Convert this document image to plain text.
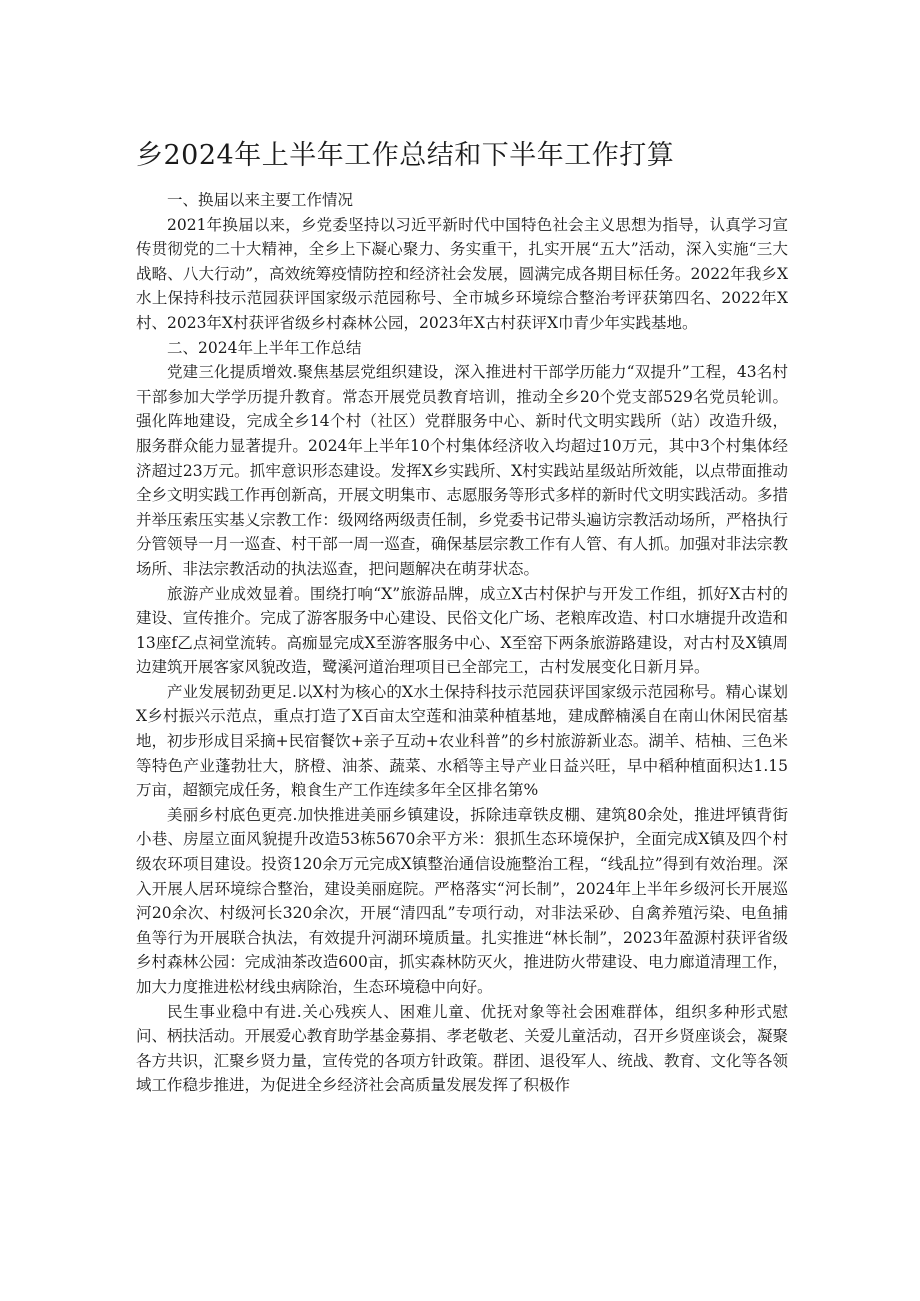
乡2024年上半年工作总结和下半年工作打算

一、换届以来主要工作情况

2021年换届以来，乡党委坚持以习近平新时代中国特色社会主义思想为指导，认真学习宣传贯彻党的二十大精神，全乡上下凝心聚力、务实重干，扎实开展“五大”活动，深入实施“三大战略、八大行动”，高效统筹疫情防控和经济社会发展，圆满完成各期目标任务。2022年我乡X水上保持科技示范园获评国家级示范园称号、全市城乡环境综合整治考评获第四名、2022年X村、2023年X村获评省级乡村森林公园，2023年X古村获评X巾青少年实践基地。

二、2024年上半年工作总结

党建三化提质增效.聚焦基层党组织建设，深入推进村干部学历能力“双提升”工程，43名村干部参加大学学历提升教育。常态开展党员教育培训，推动全乡20个党支部529名党员轮训。强化阵地建设，完成全乡14个村（社区）党群服务中心、新时代文明实践所（站）改造升级，服务群众能力显著提升。2024年上半年10个村集体经济收入均超过10万元，其中3个村集体经济超过23万元。抓牢意识形态建设。发挥X乡实践所、X村实践站星级站所效能，以点带面推动全乡文明实践工作再创新高，开展文明集市、志愿服务等形式多样的新时代文明实践活动。多措并举压索压实基乂宗教工作：级网络两级责任制，乡党委书记带头遍访宗教活动场所，严格执行分管领导一月一巡查、村干部一周一巡查，确保基层宗教工作有人管、有人抓。加强对非法宗教场所、非法宗教活动的执法巡查，把问题解决在萌芽状态。

旅游产业成效显着。围绕打响“X”旅游品牌，成立X古村保护与开发工作组，抓好X古村的建设、宣传推介。完成了游客服务中心建设、民俗文化广场、老粮库改造、村口水塘提升改造和13座f乙点祠堂流转。高痂显完成X至游客服务中心、X至窑下两条旅游路建设，对古村及X镇周边建筑开展客家风貌改造，鹭溪河道治理项目已全部完工，古村发展变化日新月异。

产业发展韧劲更足.以X村为核心的X水土保持科技示范园获评国家级示范园称号。精心谋划X乡村振兴示范点，重点打造了X百亩太空莲和油菜种植基地，建成醉楠溪自在南山休闲民宿基地，初步形成目采摘+民宿餐饮+亲子互动+农业科普”的乡村旅游新业态。湖羊、桔柚、三色米等特色产业蓬勃壮大，脐橙、油茶、蔬菜、水稻等主导产业日益兴旺，早中稻种植面积达1.15万亩，超额完成任务，粮食生产工作连续多年全区排名第%

美丽乡村底色更亮.加快推进美丽乡镇建设，拆除违章铁皮棚、建筑80余处，推进坪镇背街小巷、房屋立面风貌提升改造53栋5670余平方米：狠抓生态环境保护，全面完成X镇及四个村级农环项目建设。投资120余万元完成X镇整治通信设施整治工程，“线乱拉”得到有效治理。深入开展人居环境综合整治，建设美丽庭院。严格落实“河长制”，2024年上半年乡级河长开展巡河20余次、村级河长320余次，开展“清四乱”专项行动，对非法采砂、自禽养殖污染、电鱼捕鱼等行为开展联合执法，有效提升河湖环境质量。扎实推进“林长制”，2023年盈源村获评省级乡村森林公园：完成油茶改造600亩，抓实森林防灭火，推进防火带建设、电力廊道清理工作，加大力度推进松材线虫病除治，生态环境稳中向好。

民生事业稳中有进.关心残疾人、困难儿童、优抚对象等社会困难群体，组织多种形式慰问、柄扶活动。开展爱心教育助学基金募捐、孝老敬老、关爱儿童活动，召开乡贤座谈会，凝聚各方共识，汇聚乡贤力量，宣传党的各项方针政策。群团、退役军人、统战、教育、文化等各领域工作稳步推进，为促进全乡经济社会高质量发展发挥了积极作
